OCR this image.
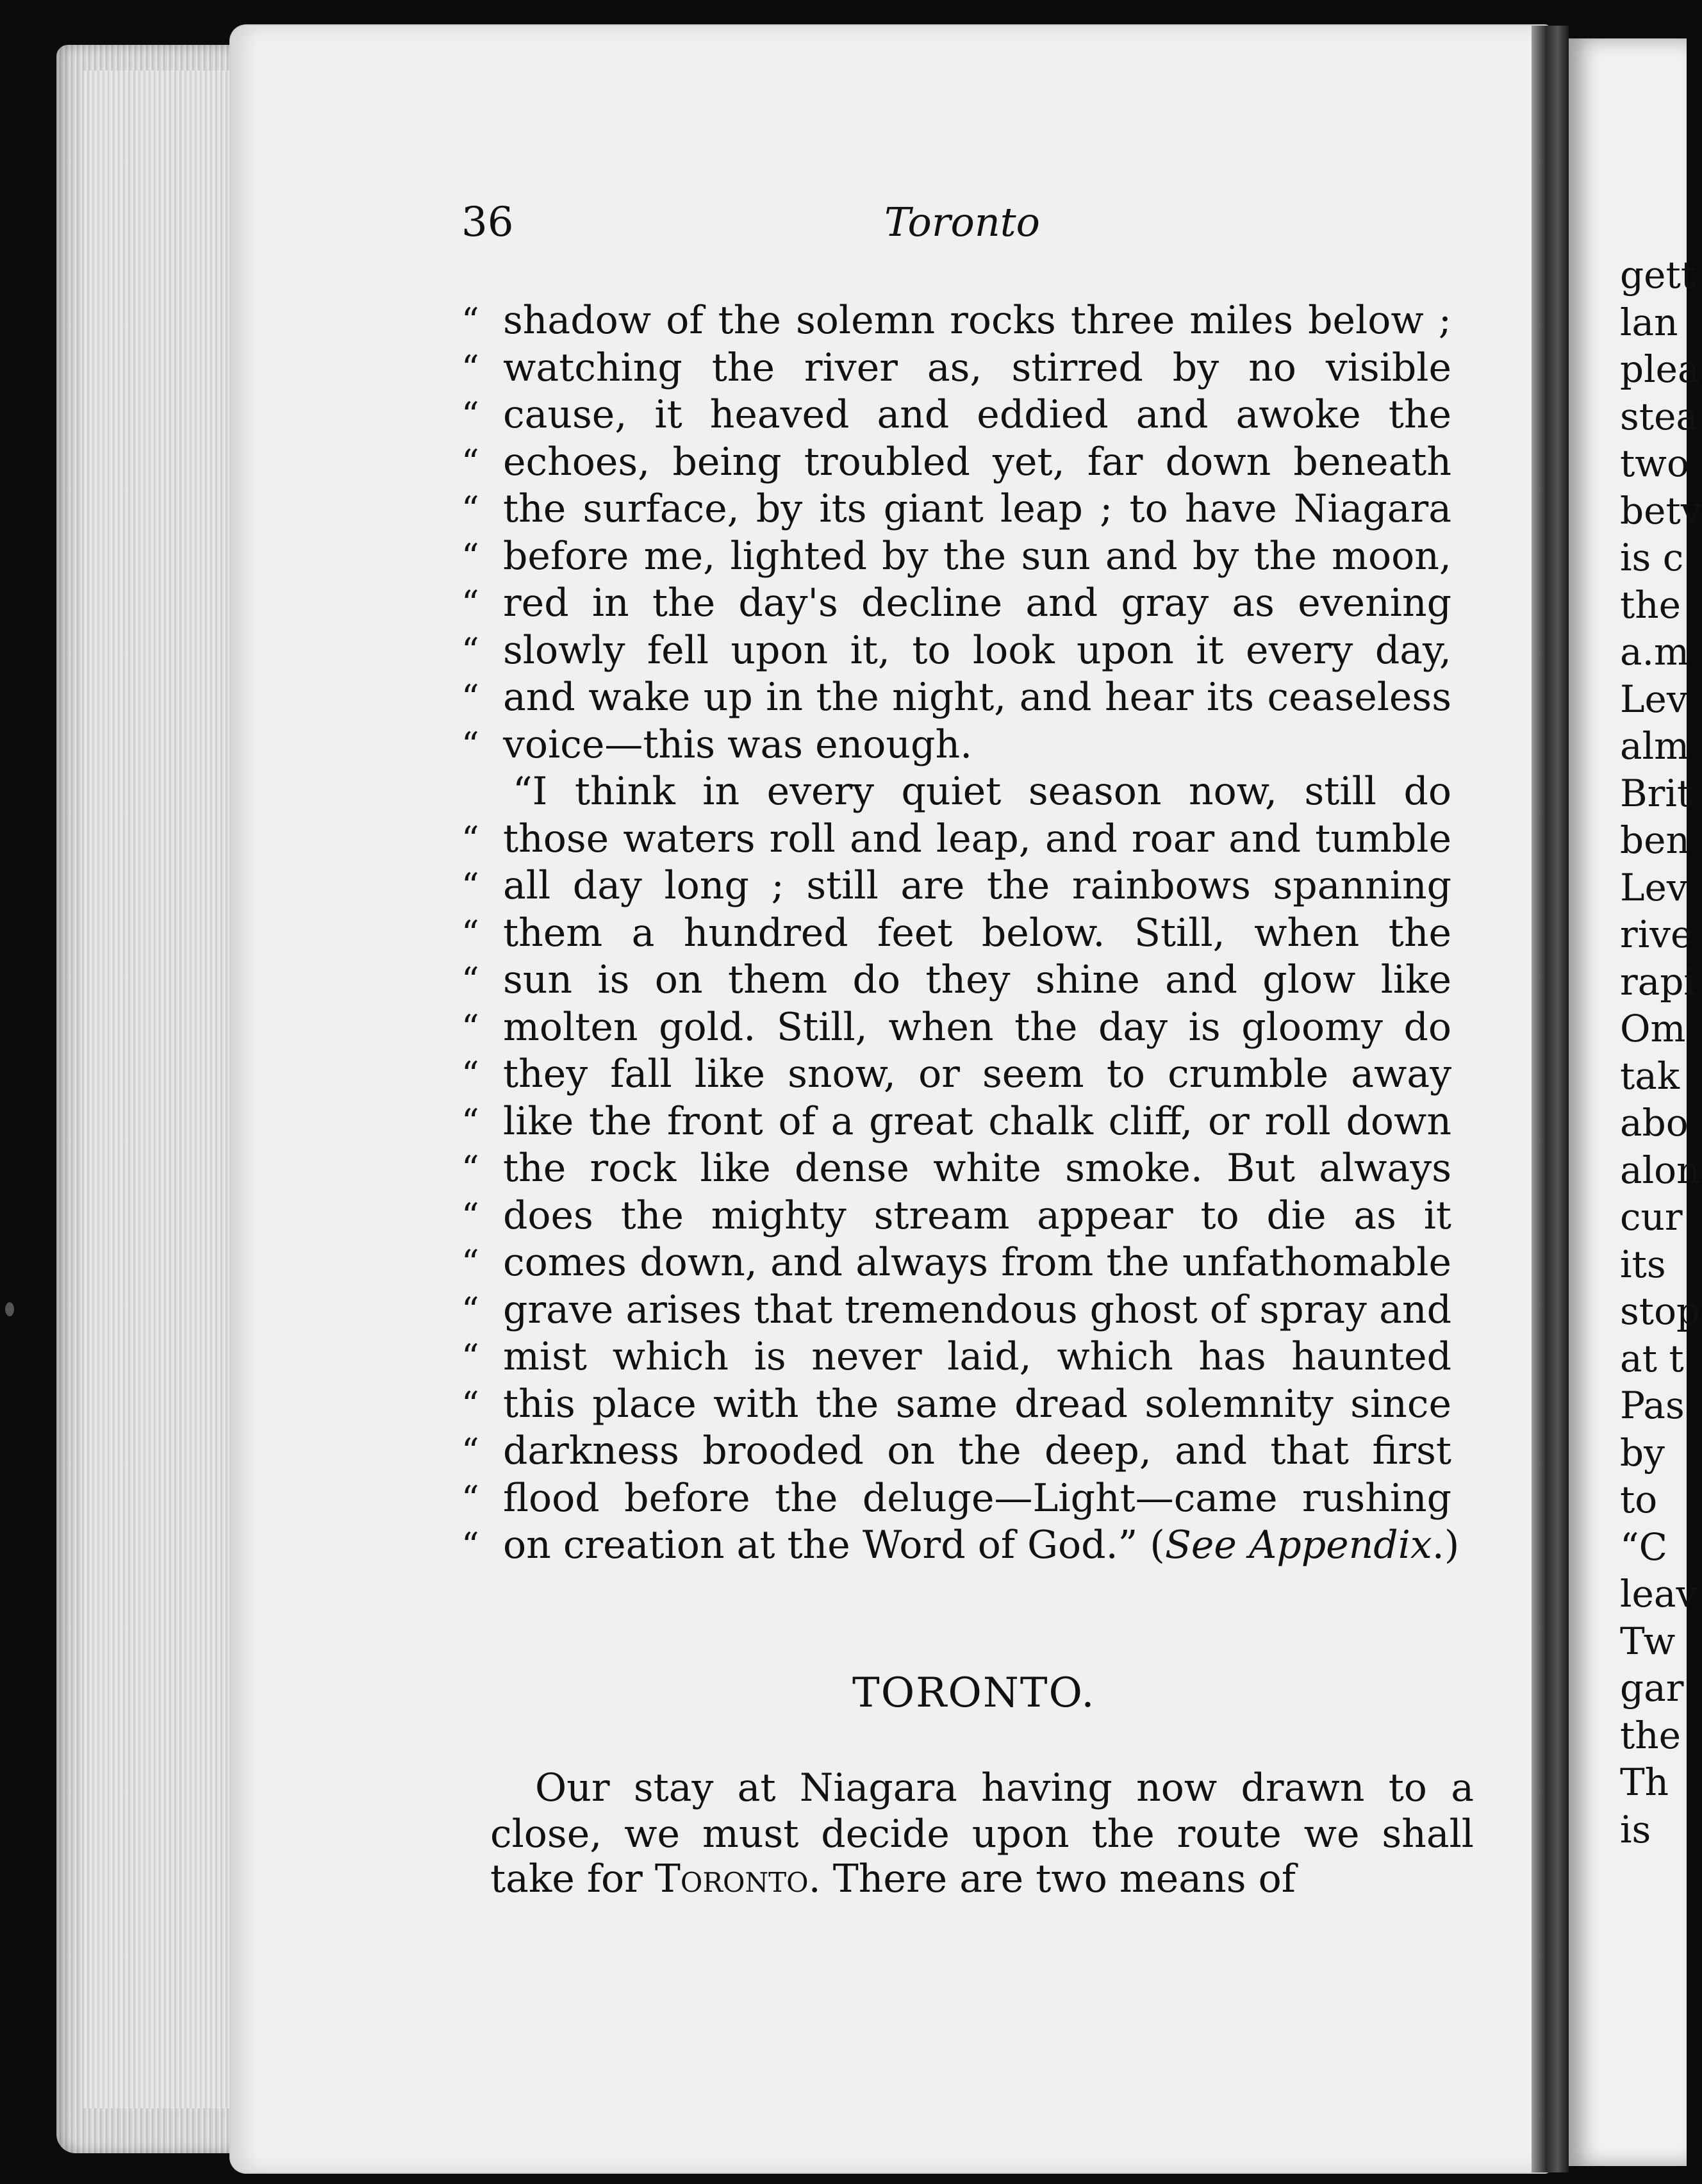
36	Toronto
“ shadow of the solemn rocks three miles below ;
“ watching the river as, stirred by no visible
“ cause, it heaved and eddied and awoke the
“ echoes, being troubled yet, far down beneath
“ the surface, by its giant leap ; to have Niagara
“ before me, lighted by the sun and by the moon,
“ red in the day's decline and gray as evening
“ slowly fell upon it, to look upon it every day,
“ and wake up in the night, and hear its ceaseless
“ voice—this was enough.
“I think in every quiet season now, still do
“ those waters roll and leap, and roar and tumble
“ all day long ; still are the rainbows spanning
“ them a hundred feet below. Still, when the
“ sun is on them do they shine and glow like
“ molten gold. Still, when the day is gloomy do
“ they fall like snow, or seem to crumble away
“ like the front of a great chalk cliff, or roll down
“ the rock like dense white smoke. But always
“ does the mighty stream appear to die as it
“ comes down, and always from the unfathomable
“ grave arises that tremendous ghost of spray and
“ mist which is never laid, which has haunted
“ this place with the same dread solemnity since
“ darkness brooded on the deep, and that first
“ flood before the deluge—Light—came rushing
“ on creation at the Word of God.” (See Appendix.)
TORONTO.
Our stay at Niagara having now drawn to a
close, we must decide upon the route we shall
take for Toronto. There are two means of
gett
lan
plea
stea
two
betv
is c
the
a.m
Lev
alm
Brit
ben
Lev
rive
rapi
Om
tak
abo
alon
cur
its
stop
at t
Pas
by
to
“C
leav
Tw
gar
the
Th
is
